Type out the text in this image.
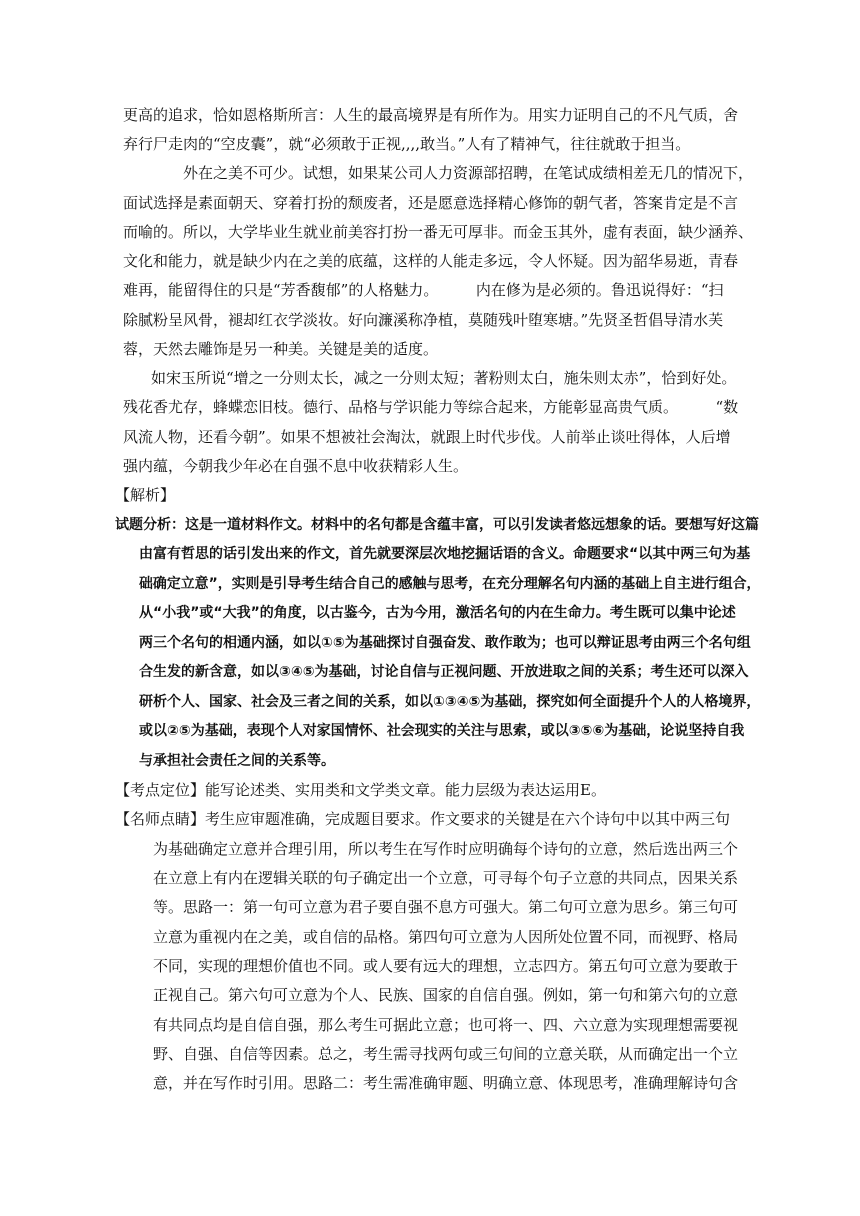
更高的追求，恰如恩格斯所言：人生的最高境界是有所作为。用实力证明自己的不凡气质，舍
弃行尸走肉的“空皮囊”，就“必须敢于正视,,,,敢当。”人有了精神气，往往就敢于担当。
外在之美不可少。试想，如果某公司人力资源部招聘，在笔试成绩相差无几的情况下，
面试选择是素面朝天、穿着打扮的颓废者，还是愿意选择精心修饰的朝气者，答案肯定是不言
而喻的。所以，大学毕业生就业前美容打扮一番无可厚非。而金玉其外，虚有表面，缺少涵养、
文化和能力，就是缺少内在之美的底蕴，这样的人能走多远，令人怀疑。因为韶华易逝，青春
难再，能留得住的只是“芳香馥郁”的人格魅力。　　　内在修为是必须的。鲁迅说得好：“扫
除腻粉呈风骨，褪却红衣学淡妆。好向濂溪称净植，莫随残叶堕寒塘。”先贤圣哲倡导清水芙
蓉，天然去雕饰是另一种美。关键是美的适度。
如宋玉所说“增之一分则太长，减之一分则太短；著粉则太白，施朱则太赤”，恰到好处。
残花香尤存，蜂蝶恋旧枝。德行、品格与学识能力等综合起来，方能彰显高贵气质。　　　“数
风流人物，还看今朝”。如果不想被社会淘汰，就跟上时代步伐。人前举止谈吐得体，人后增
强内蕴，今朝我少年必在自强不息中收获精彩人生。
【解析】
试题分析：这是一道材料作文。材料中的名句都是含蕴丰富，可以引发读者悠远想象的话。要想写好这篇
由富有哲思的话引发出来的作文，首先就要深层次地挖掘话语的含义。命题要求“以其中两三句为基
础确定立意”，实则是引导考生结合自己的感触与思考，在充分理解名句内涵的基础上自主进行组合，
从“小我”或“大我”的角度，以古鉴今，古为今用，激活名句的内在生命力。考生既可以集中论述
两三个名句的相通内涵，如以①⑤为基础探讨自强奋发、敢作敢为；也可以辩证思考由两三个名句组
合生发的新含意，如以③④⑤为基础，讨论自信与正视问题、开放进取之间的关系；考生还可以深入
研析个人、国家、社会及三者之间的关系，如以①③④⑤为基础，探究如何全面提升个人的人格境界，
或以②⑤为基础，表现个人对家国情怀、社会现实的关注与思索，或以③⑤⑥为基础，论说坚持自我
与承担社会责任之间的关系等。
【考点定位】能写论述类、实用类和文学类文章。能力层级为表达运用E。
【名师点睛】考生应审题准确，完成题目要求。作文要求的关键是在六个诗句中以其中两三句
为基础确定立意并合理引用，所以考生在写作时应明确每个诗句的立意，然后选出两三个
在立意上有内在逻辑关联的句子确定出一个立意，可寻每个句子立意的共同点，因果关系
等。思路一：第一句可立意为君子要自强不息方可强大。第二句可立意为思乡。第三句可
立意为重视内在之美，或自信的品格。第四句可立意为人因所处位置不同，而视野、格局
不同，实现的理想价值也不同。或人要有远大的理想，立志四方。第五句可立意为要敢于
正视自己。第六句可立意为个人、民族、国家的自信自强。例如，第一句和第六句的立意
有共同点均是自信自强，那么考生可据此立意；也可将一、四、六立意为实现理想需要视
野、自强、自信等因素。总之，考生需寻找两句或三句间的立意关联，从而确定出一个立
意，并在写作时引用。思路二：考生需准确审题、明确立意、体现思考，准确理解诗句含
